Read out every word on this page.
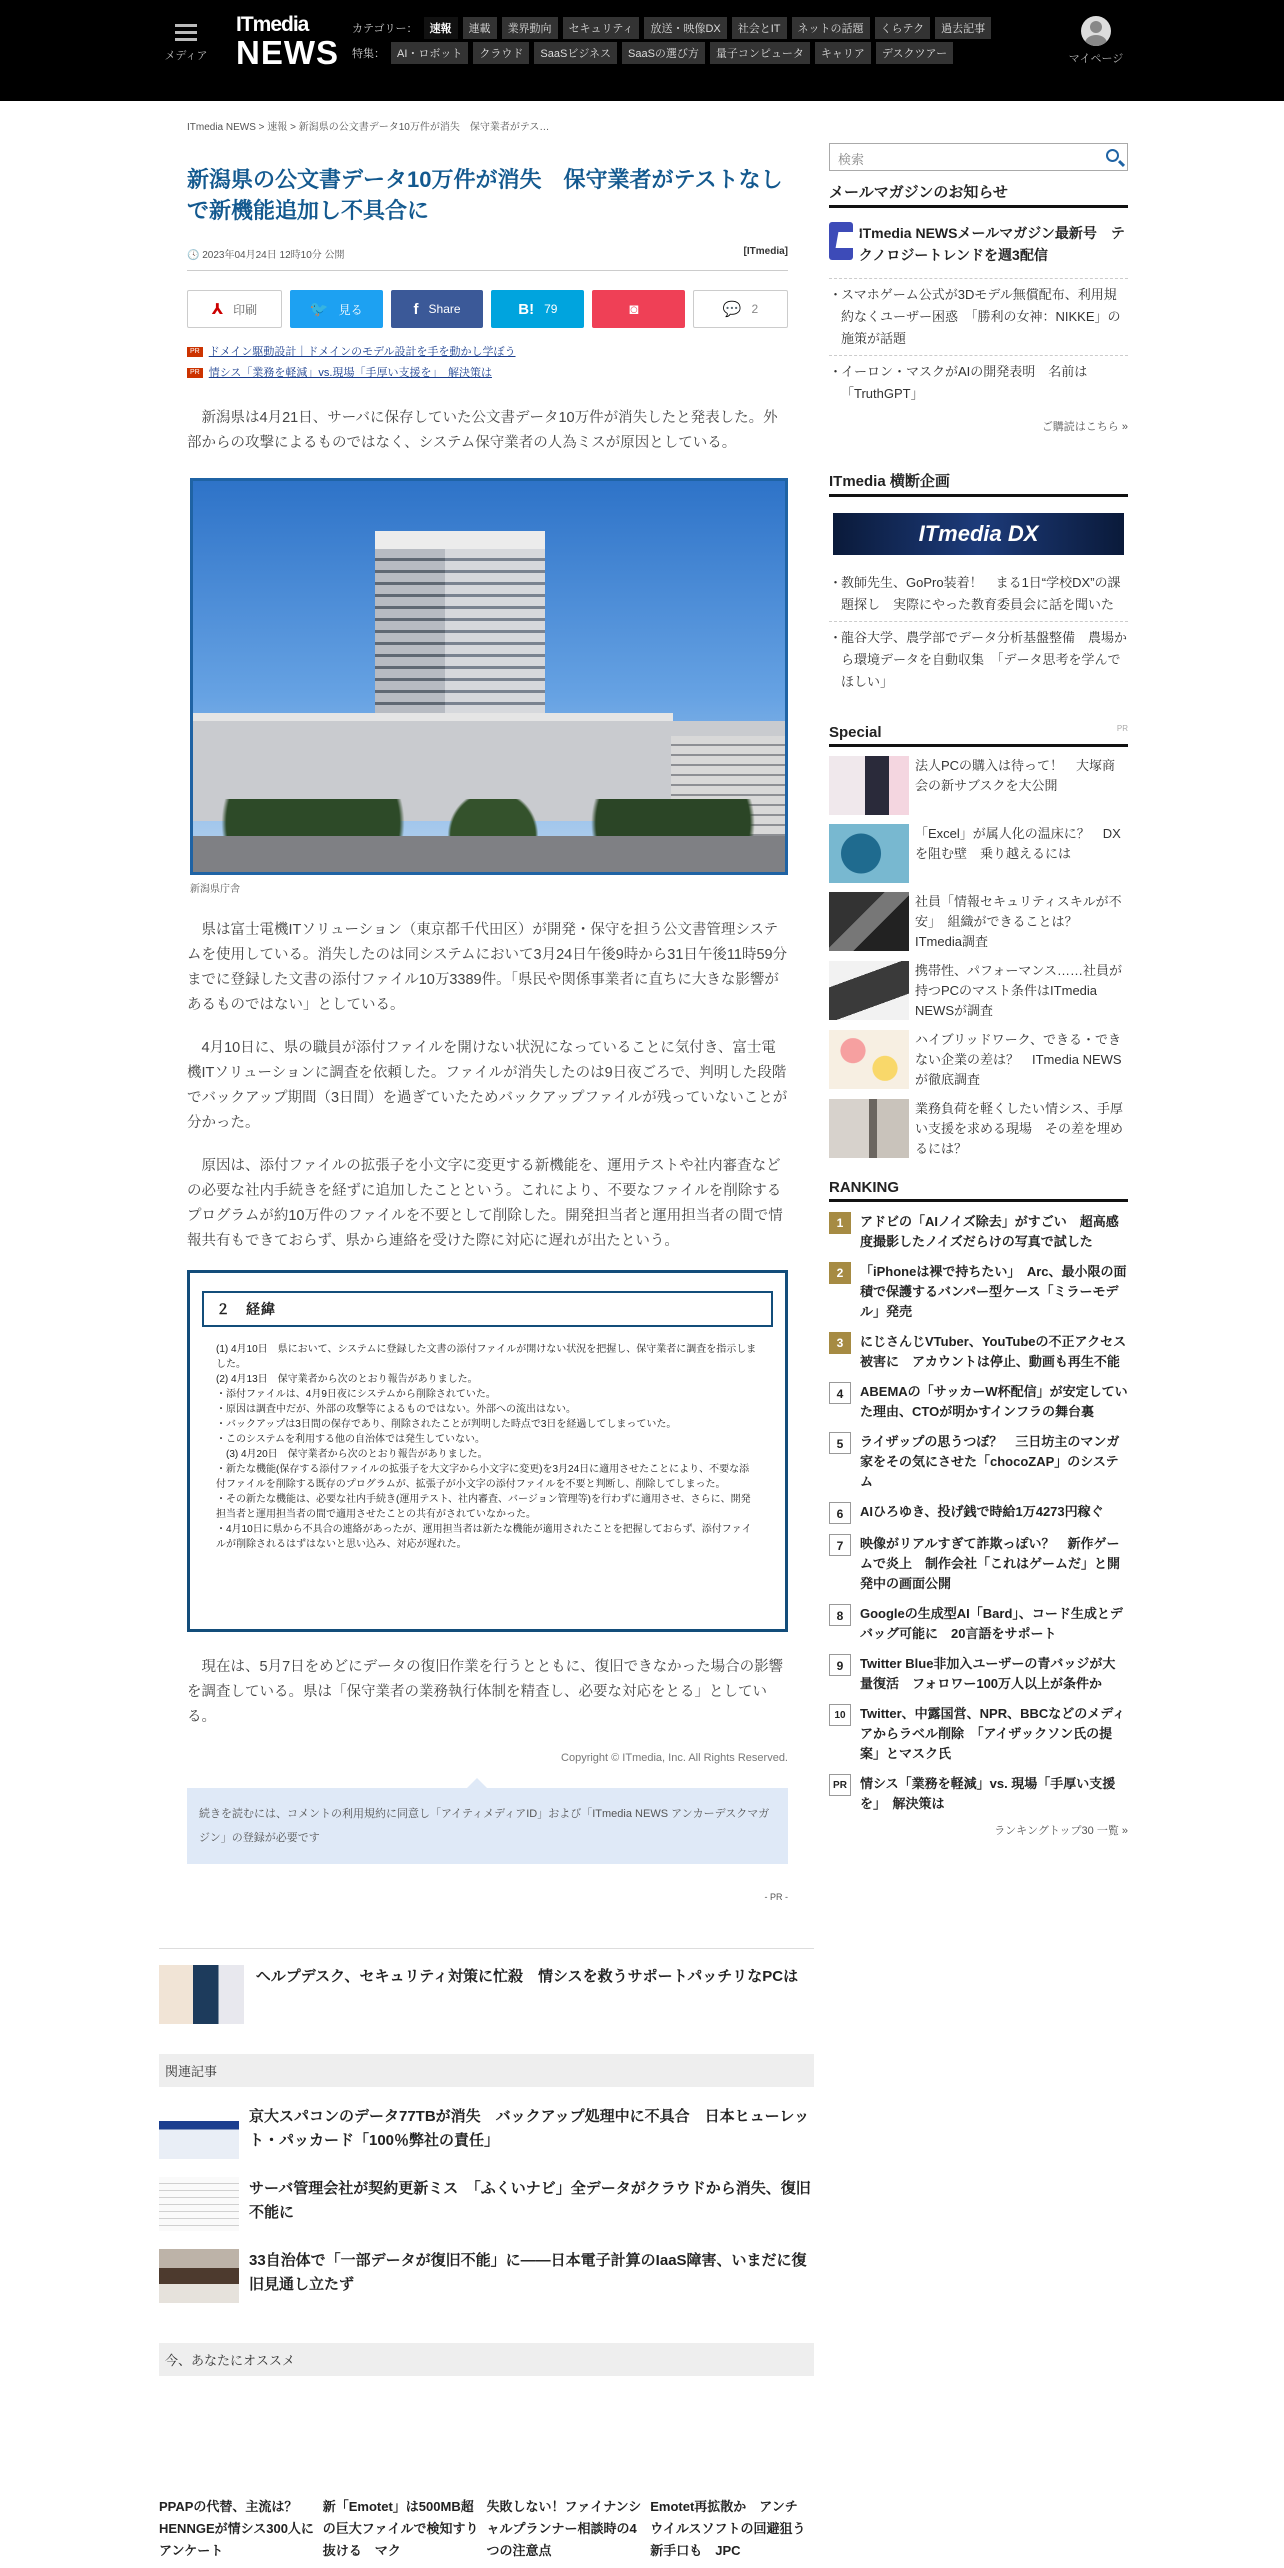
メディア
ITmedia
NEWS
カテゴリー：	速報	連載	業界動向	セキュリティ	放送・映像DX	社会とIT	ネットの話題	くらテク	過去記事
特集：	AI・ロボット	クラウド	SaaSビジネス	SaaSの選び方	量子コンピュータ	キャリア	デスクツアー	マイページ
ITmedia NEWS > 速報 > 新潟県の公文書データ10万件が消失　保守業者がテス…
新潟県の公文書データ10万件が消失　保守業者がテストなしで新機能追加し不具合に
🕓 2023年04月24日 12時10分 公開	[ITmedia]
⅄ 印刷	🐦 見る	f Share	B! 79	◙	💬 2
PR ドメイン駆動設計｜ドメインのモデル設計を手を動かし学ぼう
PR 情シス「業務を軽減」vs.現場「手厚い支援を」　解決策は

新潟県は4月21日、サーバに保存していた公文書データ10万件が消失したと発表した。外部からの攻撃によるものではなく、システム保守業者の人為ミスが原因としている。

新潟県庁舎

県は富士電機ITソリューション（東京都千代田区）が開発・保守を担う公文書管理システムを使用している。消失したのは同システムにおいて3月24日午後9時から31日午後11時59分までに登録した文書の添付ファイル10万3389件。「県民や関係事業者に直ちに大きな影響があるものではない」としている。

4月10日に、県の職員が添付ファイルを開けない状況になっていることに気付き、富士電機ITソリューションに調査を依頼した。ファイルが消失したのは9日夜ごろで、判明した段階でバックアップ期間（3日間）を過ぎていたためバックアップファイルが残っていないことが分かった。

原因は、添付ファイルの拡張子を小文字に変更する新機能を、運用テストや社内審査などの必要な社内手続きを経ずに追加したことという。これにより、不要なファイルを削除するプログラムが約10万件のファイルを不要として削除した。開発担当者と運用担当者の間で情報共有もできておらず、県から連絡を受けた際に対応に遅れが出たという。

２　経緯
(1) 4月10日　県において、システムに登録した文書の添付ファイルが開けない状況を把握し、保守業者に調査を指示しました。
(2) 4月13日　保守業者から次のとおり報告がありました。
・添付ファイルは、4月9日夜にシステムから削除されていた。
・原因は調査中だが、外部の攻撃等によるものではない。外部への流出はない。
・バックアップは3日間の保存であり、削除されたことが判明した時点で3日を経過してしまっていた。
・このシステムを利用する他の自治体では発生していない。
　(3) 4月20日　保守業者から次のとおり報告がありました。
・新たな機能(保存する添付ファイルの拡張子を大文字から小文字に変更)を3月24日に適用させたことにより、不要な添付ファイルを削除する既存のプログラムが、拡張子が小文字の添付ファイルを不要と判断し、削除してしまった。
・その新たな機能は、必要な社内手続き(運用テスト、社内審査、バージョン管理等)を行わずに適用させ、さらに、開発担当者と運用担当者の間で適用させたことの共有がされていなかった。
・4月10日に県から不具合の連絡があったが、運用担当者は新たな機能が適用されたことを把握しておらず、添付ファイルが削除されるはずはないと思い込み、対応が遅れた。

現在は、5月7日をめどにデータの復旧作業を行うとともに、復旧できなかった場合の影響を調査している。県は「保守業者の業務執行体制を精査し、必要な対応をとる」としている。

Copyright © ITmedia, Inc. All Rights Reserved.
続きを読むには、コメントの利用規約に同意し「アイティメディアID」および「ITmedia NEWS アンカーデスクマガジン」の登録が必要です
- PR -
ヘルプデスク、セキュリティ対策に忙殺　情シスを救うサポートパッチリなPCは
関連記事
京大スパコンのデータ77TBが消失　バックアップ処理中に不具合　日本ヒューレット・パッカード「100％弊社の責任」
サーバ管理会社が契約更新ミス　「ふくいナビ」全データがクラウドから消失、復旧不能に
33自治体で「一部データが復旧不能」に――日本電子計算のIaaS障害、いまだに復旧見通し立たず
今、あなたにオススメ
PPAPの代替、主流は？　HENNGEが情シス300人にアンケート
新「Emotet」は500MB超の巨大ファイルで検知すり抜ける　マク
失敗しない！ファイナンシャルプランナー相談時の4つの注意点
Emotet再拡散か　アンチウイルスソフトの回避狙う新手口も　JPC
検索
メールマガジンのお知らせ
ITmedia NEWSメールマガジン最新号　テクノロジートレンドを週3配信
・ スマホゲーム公式が3Dモデル無償配布、利用規約なくユーザー困惑　「勝利の女神：NIKKE」の施策が話題
・ イーロン・マスクがAIの開発表明　名前は「TruthGPT」
ご購読はこちら »
ITmedia 横断企画
ITmedia DX
・ 教師先生、GoPro装着！　まる1日“学校DX”の課題探し　実際にやった教育委員会に話を聞いた
・ 龍谷大学、農学部でデータ分析基盤整備　農場から環境データを自動収集　「データ思考を学んでほしい」
Special	PR
法人PCの購入は待って！　大塚商会の新サブスクを大公開
「Excel」が属人化の温床に？　DXを阻む壁　乗り越えるには
社員「情報セキュリティスキルが不安」　組織ができることは？　ITmedia調査
携帯性、パフォーマンス……社員が持つPCのマスト条件はITmedia NEWSが調査
ハイブリッドワーク、できる・できない企業の差は？　ITmedia NEWSが徹底調査
業務負荷を軽くしたい情シス、手厚い支援を求める現場　その差を埋めるには？
RANKING
1	アドビの「AIノイズ除去」がすごい　超高感度撮影したノイズだらけの写真で試した
2	「iPhoneは裸で持ちたい」　Arc、最小限の面積で保護するバンパー型ケース「ミラーモデル」発売
3	にじさんじVTuber、YouTubeの不正アクセス被害に　アカウントは停止、動画も再生不能
4	ABEMAの「サッカーW杯配信」が安定していた理由、CTOが明かすインフラの舞台裏
5	ライザップの思うつぼ？　三日坊主のマンガ家をその気にさせた「chocoZAP」のシステム
6	AIひろゆき、投げ銭で時給1万4273円稼ぐ
7	映像がリアルすぎて詐欺っぽい？　新作ゲームで炎上　制作会社「これはゲームだ」と開発中の画面公開
8	Googleの生成型AI「Bard」、コード生成とデバッグ可能に　20言語をサポート
9	Twitter Blue非加入ユーザーの青バッジが大量復活　フォロワー100万人以上が条件か
10	Twitter、中露国営、NPR、BBCなどのメディアからラベル削除　「アイザックソン氏の提案」とマスク氏
PR	情シス「業務を軽減」vs. 現場「手厚い支援を」　解決策は
ランキングトップ30 一覧 »
